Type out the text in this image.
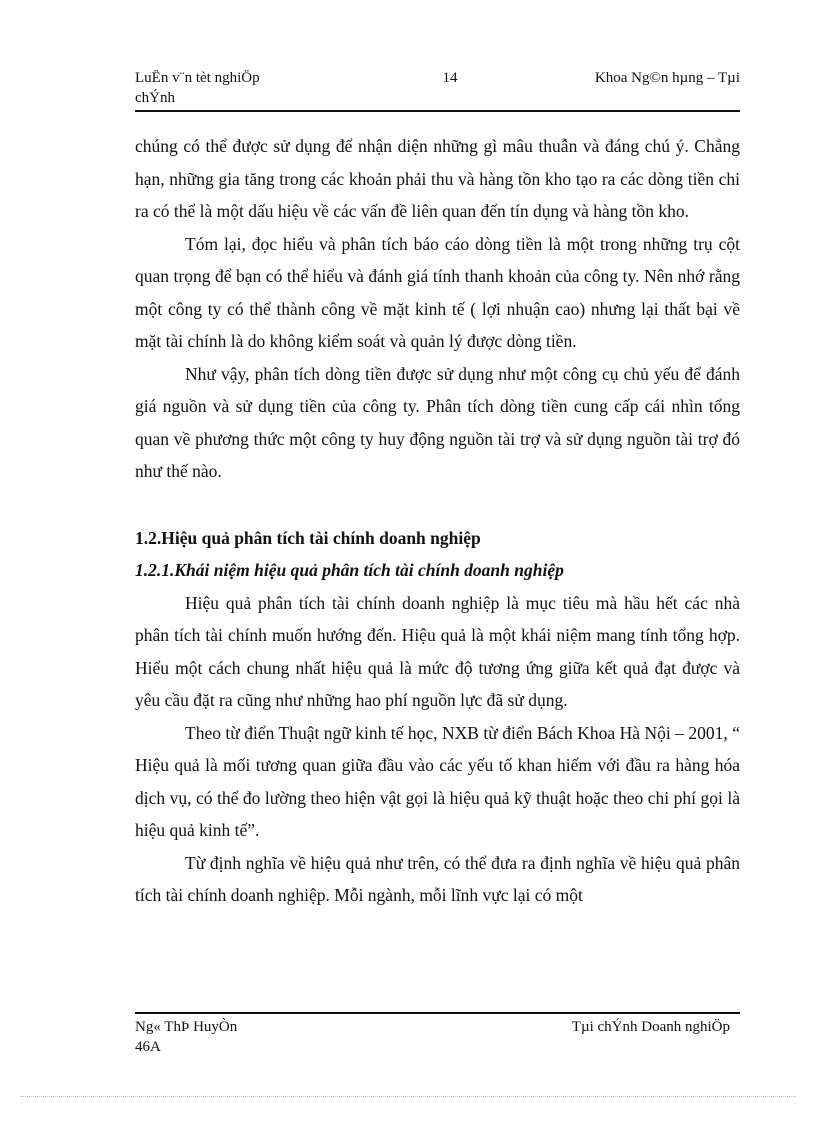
LuËn v¨n tèt nghiÖp
chÝnh
14	Khoa Ng©n hµng – Tµi

chúng có thể được sử dụng để nhận diện những gì mâu thuẫn và đáng chú ý. Chẳng hạn, những gia tăng trong các khoản phải thu và hàng tồn kho tạo ra các dòng tiền chi ra có thể là một dấu hiệu về các vấn đề liên quan đến tín dụng và hàng tồn kho.

Tóm lại, đọc hiểu và phân tích báo cáo dòng tiền là một trong những trụ cột quan trọng để bạn có thể hiểu và đánh giá tính thanh khoản của công ty. Nên nhớ rằng một công ty có thể thành công về mặt kinh tế ( lợi nhuận cao) nhưng lại thất bại về mặt tài chính là do không kiểm soát và quản lý được dòng tiền.

Như vậy, phân tích dòng tiền được sử dụng như một công cụ chủ yếu để đánh giá nguồn và sử dụng tiền của công ty. Phân tích dòng tiền cung cấp cái nhìn tổng quan về phương thức một công ty huy động nguồn tài trợ và sử dụng nguồn tài trợ đó như thế nào.

1.2.Hiệu quả phân tích tài chính doanh nghiệp

1.2.1.Khái niệm hiệu quả phân tích tài chính doanh nghiệp

Hiệu quả phân tích tài chính doanh nghiệp là mục tiêu mà hầu hết các nhà phân tích tài chính muốn hướng đến. Hiệu quả là một khái niệm mang tính tổng hợp. Hiểu một cách chung nhất hiệu quả là mức độ tương ứng giữa kết quả đạt được và yêu cầu đặt ra cũng như những hao phí nguồn lực đã sử dụng.

Theo từ điển Thuật ngữ kinh tế học, NXB từ điển Bách Khoa Hà Nội – 2001, “ Hiệu quả là mối tương quan giữa đầu vào các yếu tố khan hiếm với đầu ra hàng hóa dịch vụ, có thể đo lường theo hiện vật gọi là hiệu quả kỹ thuật hoặc theo chi phí gọi là hiệu quả kinh tế”.

Từ định nghĩa về hiệu quả như trên, có thể đưa ra định nghĩa về hiệu quả phân tích tài chính doanh nghiệp. Mỗi ngành, mỗi lĩnh vực lại có một

Ng« ThÞ HuyÒn
46A
Tµi chÝnh Doanh nghiÖp
